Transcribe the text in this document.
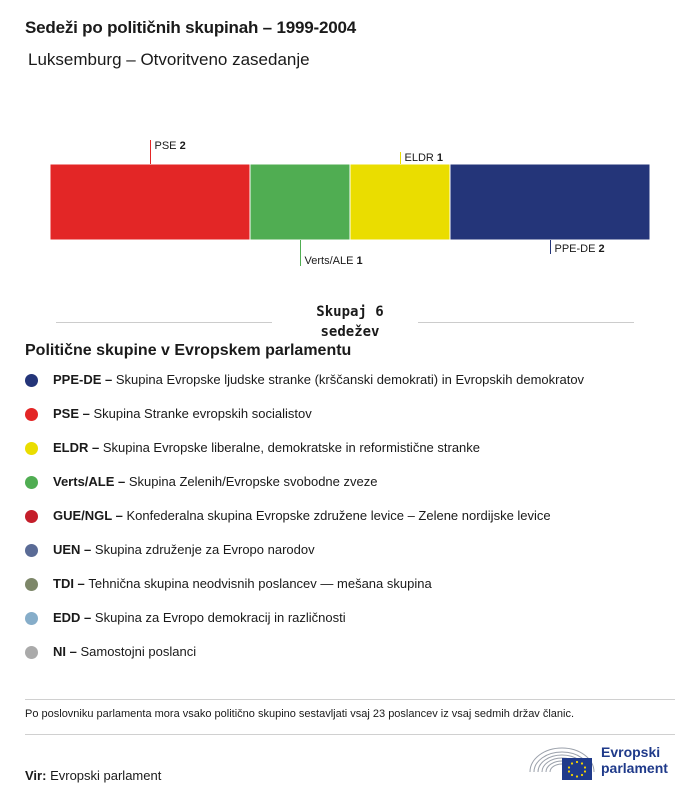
Sedeži po političnih skupinah – 1999-2004
Luksemburg – Otvoritveno zasedanje
PSE 2
Verts/ALE 1
ELDR 1
PPE-DE 2
Skupaj 6 sedežev
Politične skupine v Evropskem parlamentu
PPE-DE – Skupina Evropske ljudske stranke (krščanski demokrati) in Evropskih demokratov
PSE – Skupina Stranke evropskih socialistov
ELDR – Skupina Evropske liberalne, demokratske in reformistične stranke
Verts/ALE – Skupina Zelenih/Evropske svobodne zveze
GUE/NGL – Konfederalna skupina Evropske združene levice – Zelene nordijske levice
UEN – Skupina združenje za Evropo narodov
TDI – Tehnična skupina neodvisnih poslancev — mešana skupina
EDD – Skupina za Evropo demokracij in različnosti
NI – Samostojni poslanci
Po poslovniku parlamenta mora vsako politično skupino sestavljati vsaj 23 poslancev iz vsaj sedmih držav članic.
Vir: Evropski parlament
Evropski
parlament
